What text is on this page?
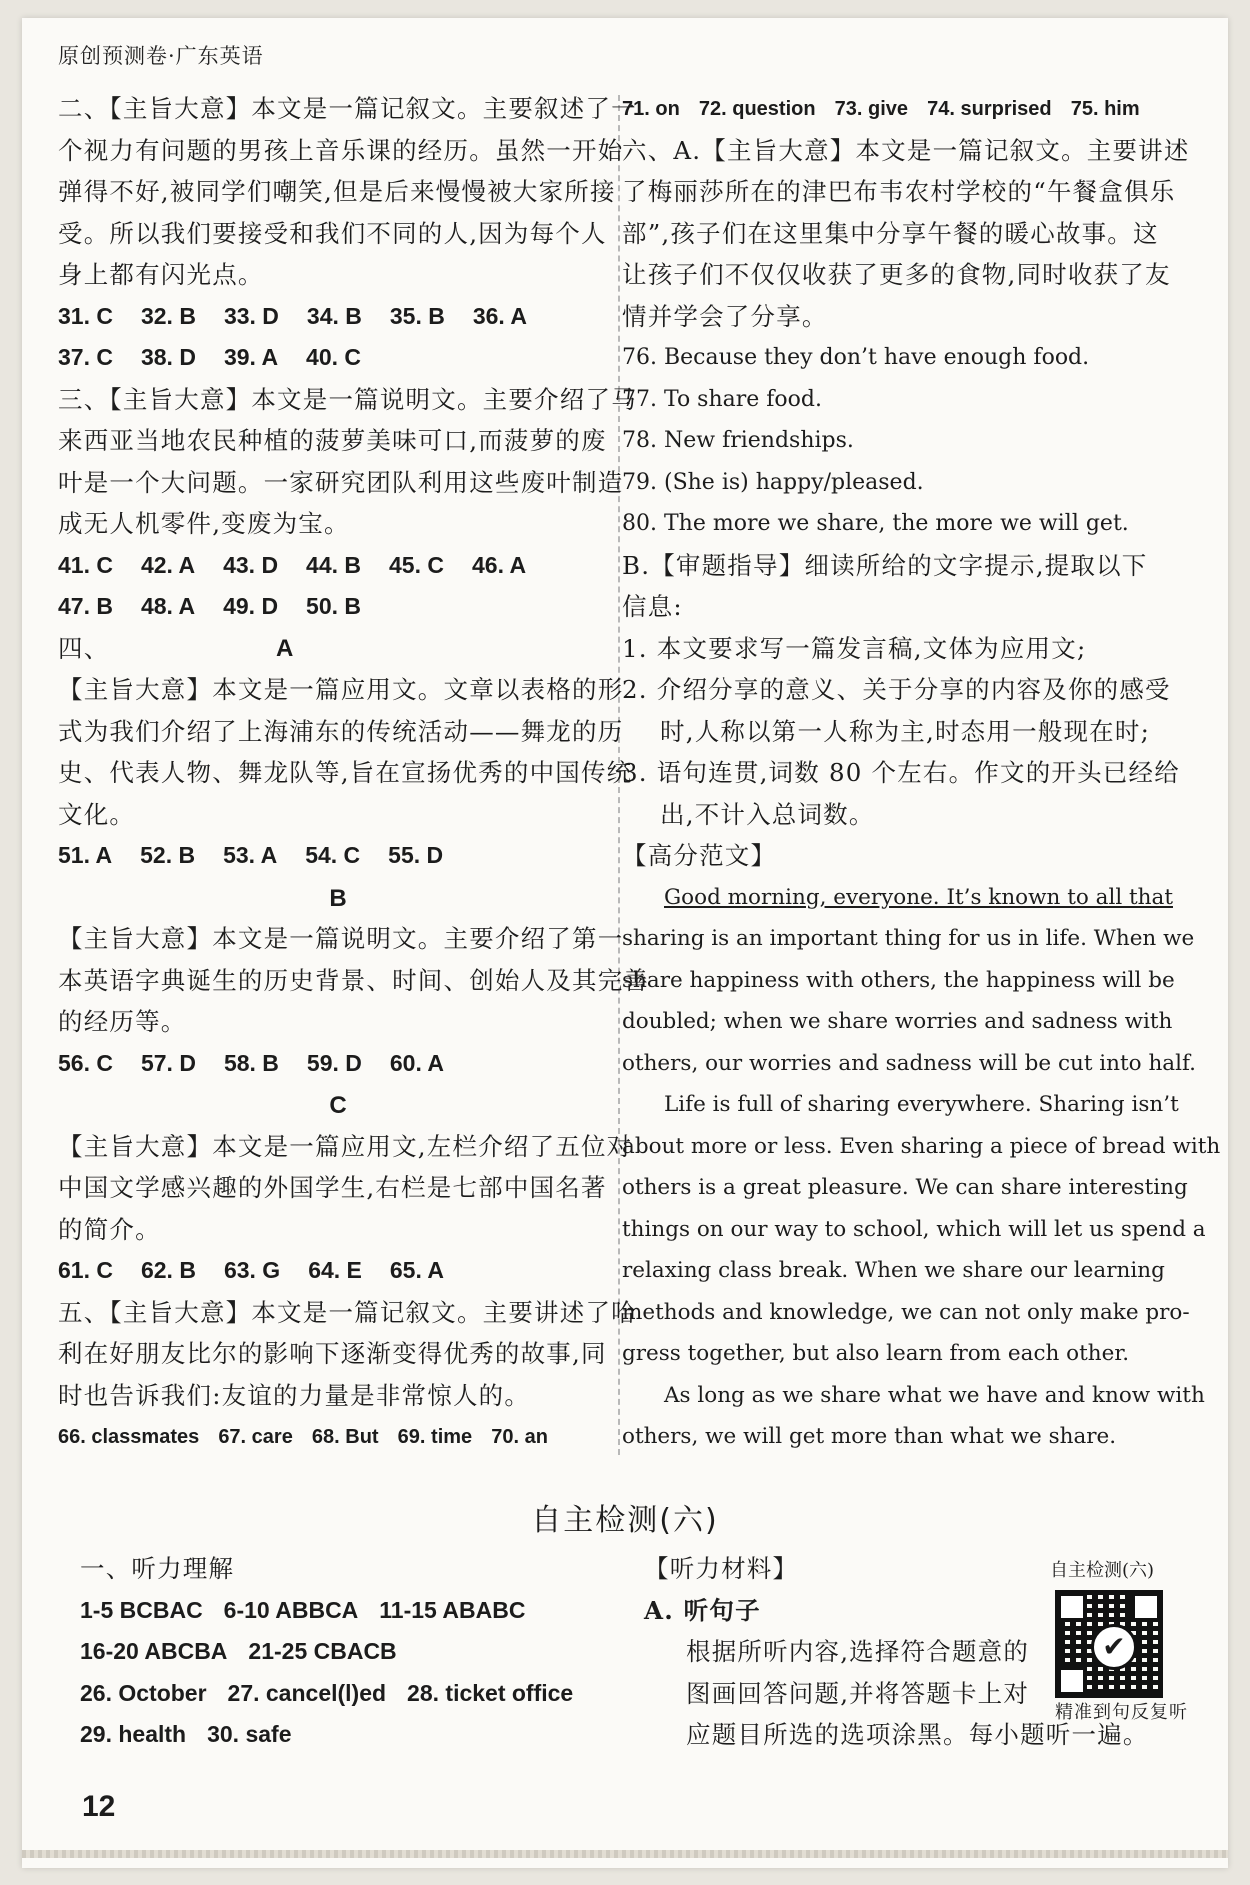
原创预测卷·广东英语
二、【主旨大意】本文是一篇记叙文。主要叙述了一
个视力有问题的男孩上音乐课的经历。虽然一开始
弹得不好,被同学们嘲笑,但是后来慢慢被大家所接
受。所以我们要接受和我们不同的人,因为每个人
身上都有闪光点。
31. C 32. B 33. D 34. B 35. B 36. A
37. C 38. D 39. A 40. C
三、【主旨大意】本文是一篇说明文。主要介绍了马
来西亚当地农民种植的菠萝美味可口,而菠萝的废
叶是一个大问题。一家研究团队利用这些废叶制造
成无人机零件,变废为宝。
41. C 42. A 43. D 44. B 45. C 46. A
47. B 48. A 49. D 50. B
四、	A
【主旨大意】本文是一篇应用文。文章以表格的形
式为我们介绍了上海浦东的传统活动——舞龙的历
史、代表人物、舞龙队等,旨在宣扬优秀的中国传统
文化。
51. A 52. B 53. A 54. C 55. D
B
【主旨大意】本文是一篇说明文。主要介绍了第一
本英语字典诞生的历史背景、时间、创始人及其完善
的经历等。
56. C 57. D 58. B 59. D 60. A
C
【主旨大意】本文是一篇应用文,左栏介绍了五位对
中国文学感兴趣的外国学生,右栏是七部中国名著
的简介。
61. C 62. B 63. G 64. E 65. A
五、【主旨大意】本文是一篇记叙文。主要讲述了哈
利在好朋友比尔的影响下逐渐变得优秀的故事,同
时也告诉我们:友谊的力量是非常惊人的。
66. classmates 67. care 68. But 69. time 70. an
71. on 72. question 73. give 74. surprised 75. him
六、A.【主旨大意】本文是一篇记叙文。主要讲述
了梅丽莎所在的津巴布韦农村学校的“午餐盒俱乐
部”,孩子们在这里集中分享午餐的暖心故事。这
让孩子们不仅仅收获了更多的食物,同时收获了友
情并学会了分享。
76. Because they don’t have enough food.
77. To share food.
78. New friendships.
79. (She is) happy/pleased.
80. The more we share, the more we will get.
B.【审题指导】细读所给的文字提示,提取以下
信息:
1. 本文要求写一篇发言稿,文体为应用文;
2. 介绍分享的意义、关于分享的内容及你的感受
时,人称以第一人称为主,时态用一般现在时;
3. 语句连贯,词数 80 个左右。作文的开头已经给
出,不计入总词数。
【高分范文】
Good morning, everyone. It’s known to all that
sharing is an important thing for us in life. When we
share happiness with others, the happiness will be
doubled; when we share worries and sadness with
others, our worries and sadness will be cut into half.
Life is full of sharing everywhere. Sharing isn’t
about more or less. Even sharing a piece of bread with
others is a great pleasure. We can share interesting
things on our way to school, which will let us spend a
relaxing class break. When we share our learning
methods and knowledge, we can not only make pro-
gress together, but also learn from each other.
As long as we share what we have and know with
others, we will get more than what we share.
自主检测(六)
一、听力理解
1-5 BCBAC 6-10 ABBCA 11-15 ABABC
16-20 ABCBA 21-25 CBACB
26. October 27. cancel(l)ed 28. ticket office
29. health 30. safe
【听力材料】
A. 听句子
根据所听内容,选择符合题意的
图画回答问题,并将答题卡上对
应题目所选的选项涂黑。每小题听一遍。
自主检测(六)
✔
精准到句反复听
12
